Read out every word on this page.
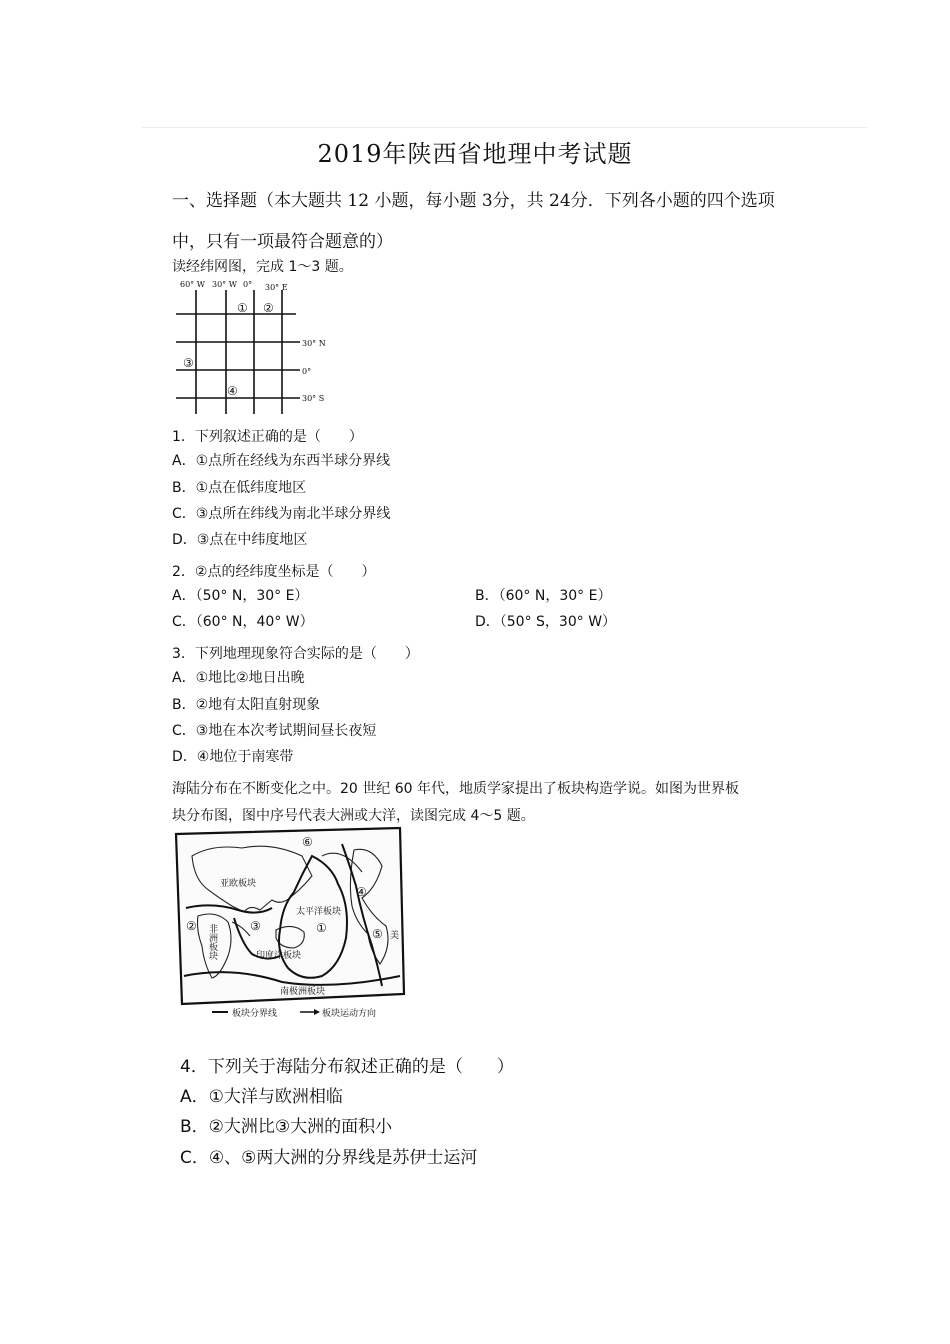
2019年陕西省地理中考试题
一、选择题（本大题共 12 小题，每小题 3分，共 24分．下列各小题的四个选项
中，只有一项最符合题意的）
读经纬网图，完成 1～3 题。
60° W 30° W 0° 30° E
30° N
0°
30° S
① ②
③
④
1．下列叙述正确的是（　　）
A．①点所在经线为东西半球分界线
B．①点在低纬度地区
C．③点所在纬线为南北半球分界线
D．③点在中纬度地区
2．②点的经纬度坐标是（　　）
A．（50° N，30° E）	B．（60° N，30° E）
C．（60° N，40° W）	D．（50° S，30° W）
3．下列地理现象符合实际的是（　　）
A．①地比②地日出晚
B．②地有太阳直射现象
C．③地在本次考试期间昼长夜短
D．④地位于南寒带
海陆分布在不断变化之中。20 世纪 60 年代，地质学家提出了板块构造学说。如图为世界板
块分布图，图中序号代表大洲或大洋，读图完成 4～5 题。
亚欧板块
太平洋板块
印度洋板块
南极洲板块
非洲板块	美
①
②	③
④
⑤
⑥
板块分界线	板块运动方向
4．下列关于海陆分布叙述正确的是（　　）
A．①大洋与欧洲相临
B．②大洲比③大洲的面积小
C．④、⑤两大洲的分界线是苏伊士运河
